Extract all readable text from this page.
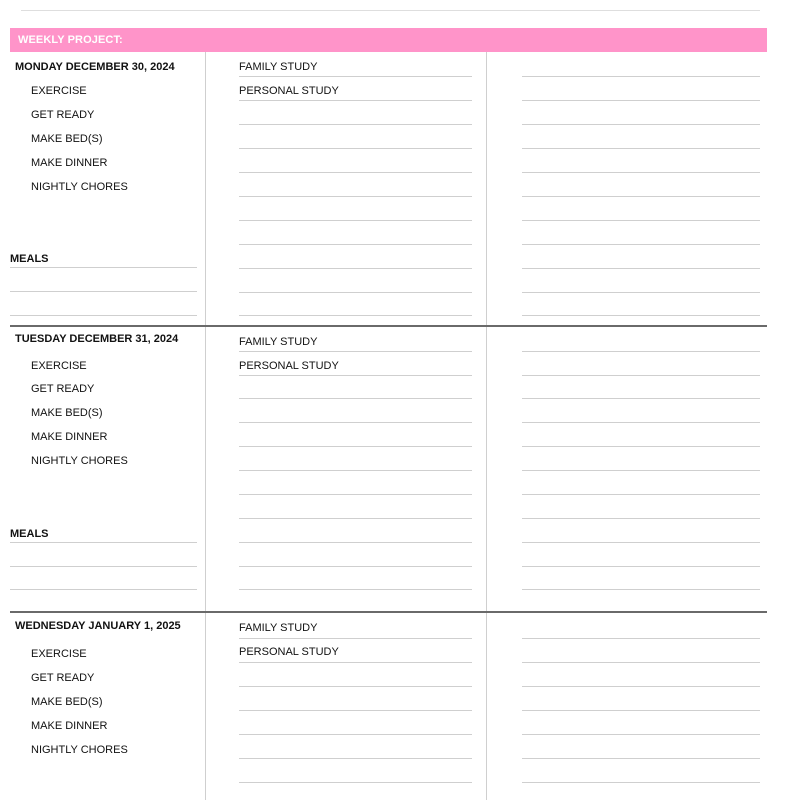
WEEKLY PROJECT:
MONDAY DECEMBER 30, 2024
EXERCISE
GET READY
MAKE BED(S)
MAKE DINNER
NIGHTLY CHORES
MEALS
FAMILY STUDY
PERSONAL STUDY
TUESDAY DECEMBER 31, 2024
EXERCISE
GET READY
MAKE BED(S)
MAKE DINNER
NIGHTLY CHORES
MEALS
FAMILY STUDY
PERSONAL STUDY
WEDNESDAY JANUARY 1, 2025
EXERCISE
GET READY
MAKE BED(S)
MAKE DINNER
NIGHTLY CHORES
FAMILY STUDY
PERSONAL STUDY
